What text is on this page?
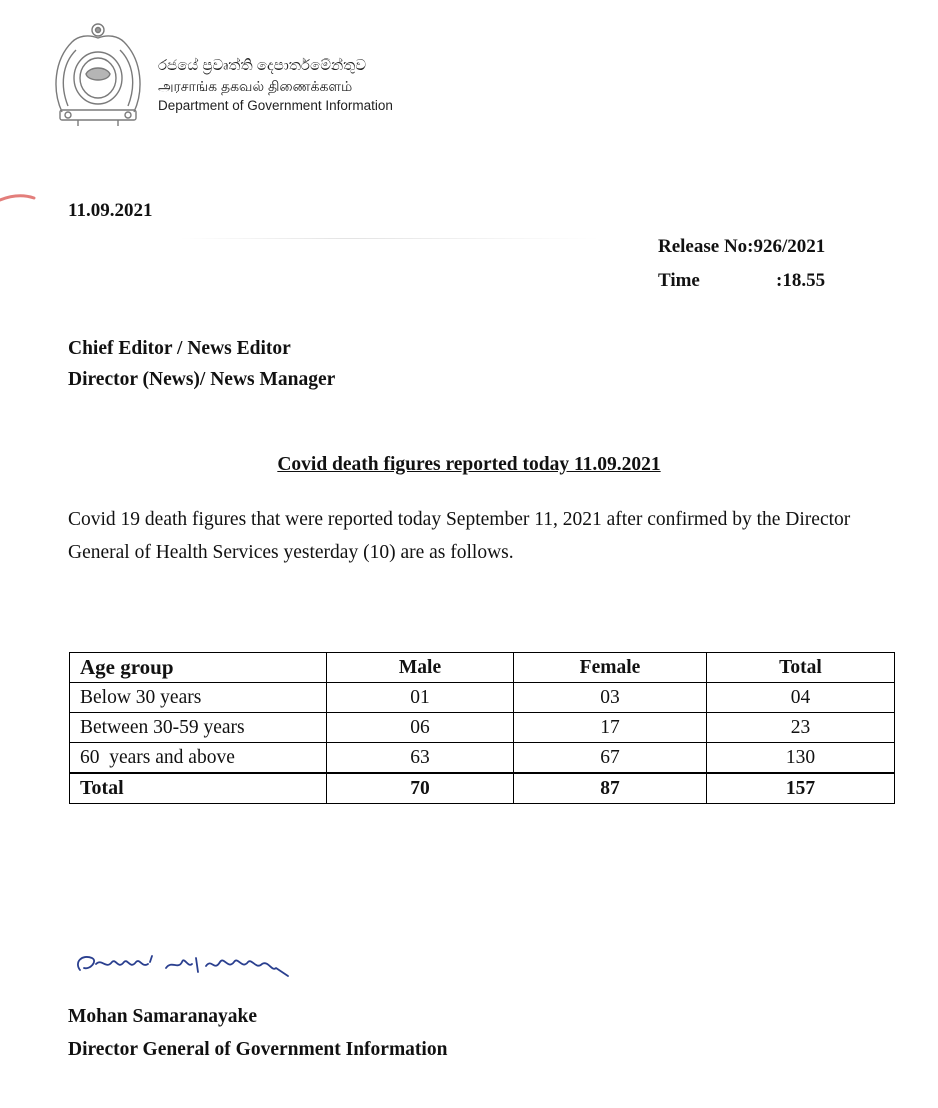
රජයේ ප්‍රවෘත්ති දෙපාර්තමේන්තුව
அரசாங்க தகவல் திணைக்களம்
Department of Government Information
11.09.2021
Release No:926/2021
Time	:18.55
Chief Editor / News Editor
Director (News)/ News Manager
Covid death figures reported today 11.09.2021
Covid 19 death figures that were reported today September 11, 2021 after confirmed by the Director General of Health Services yesterday (10) are as follows.
Age group	Male	Female	Total
Below 30 years	01	03	04
Between 30-59 years	06	17	23
60  years and above	63	67	130
Total	70	87	157
Mohan Samaranayake
Director General of Government Information
